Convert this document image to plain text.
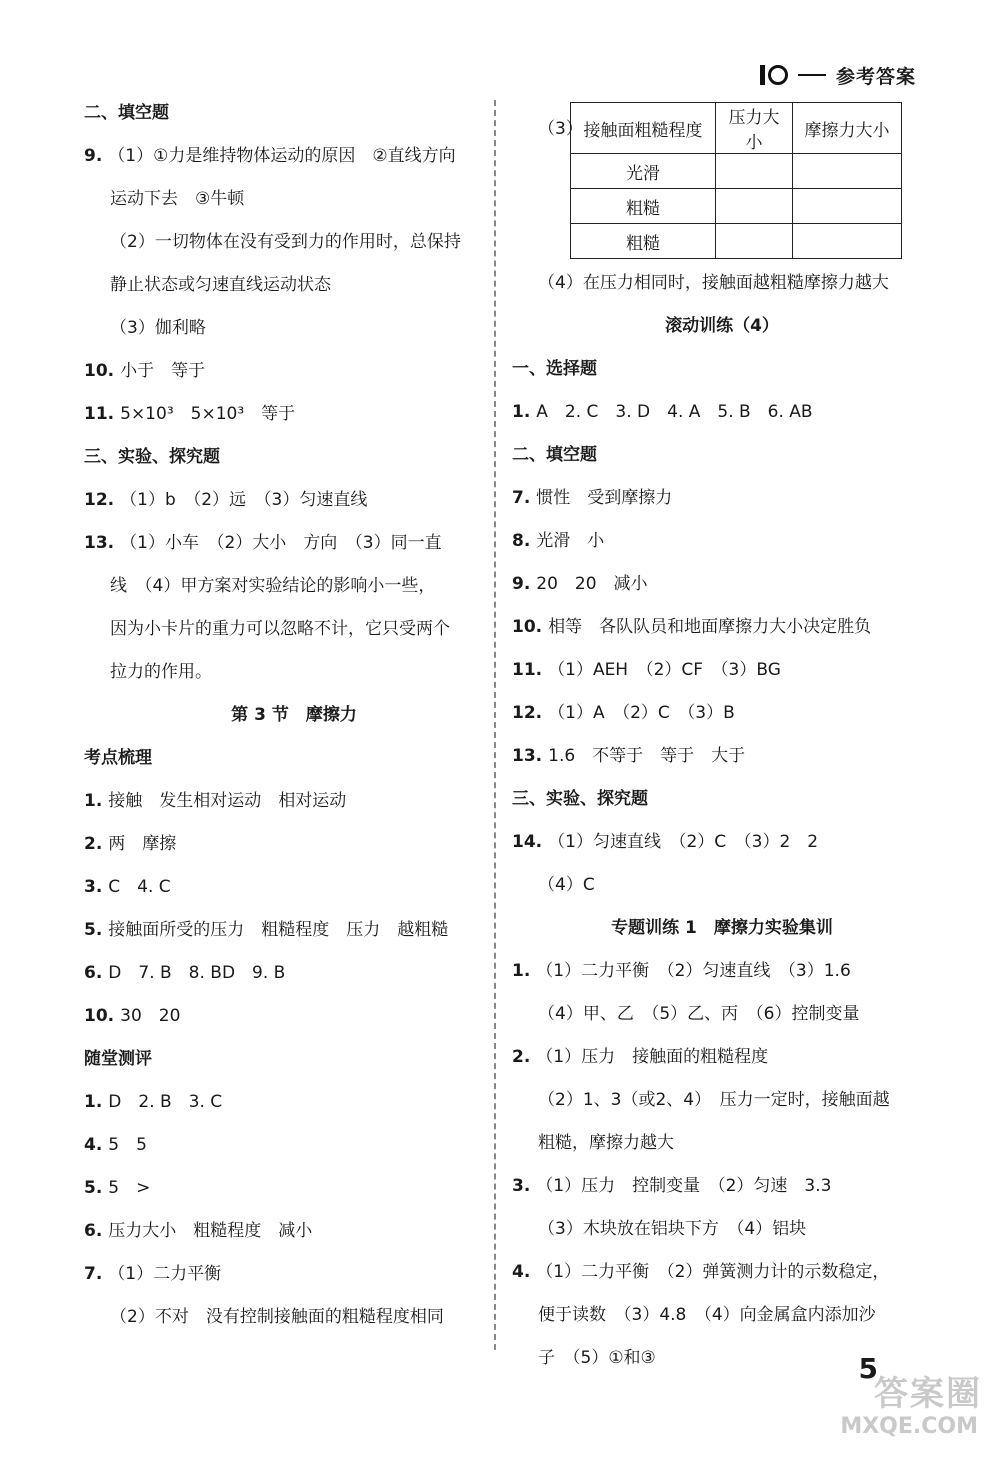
参考答案
二、填空题
9. （1）①力是维持物体运动的原因　②直线方向
运动下去　③牛顿
（2）一切物体在没有受到力的作用时，总保持
静止状态或匀速直线运动状态
（3）伽利略
10. 小于　等于
11. 5×10³　5×10³　等于
三、实验、探究题
12. （1）b　（2）远　（3）匀速直线
13. （1）小车　（2）大小　方向　（3）同一直
线　（4）甲方案对实验结论的影响小一些，
因为小卡片的重力可以忽略不计，它只受两个
拉力的作用。
第 3 节　摩擦力
考点梳理
1. 接触　发生相对运动　相对运动
2. 两　摩擦
3. C　4. C
5. 接触面所受的压力　粗糙程度　压力　越粗糙
6. D　7. B　8. BD　9. B
10. 30　20
随堂测评
1. D　2. B　3. C
4. 5　5
5. 5　>
6. 压力大小　粗糙程度　减小
7. （1）二力平衡
（2）不对　没有控制接触面的粗糙程度相同
（3） 接触面粗糙程度	压力大小	摩擦力大小
光滑		
粗糙		
粗糙		
（4）在压力相同时，接触面越粗糙摩擦力越大
滚动训练（4）
一、选择题
1. A　2. C　3. D　4. A　5. B　6. AB
二、填空题
7. 惯性　受到摩擦力
8. 光滑　小
9. 20　20　减小
10. 相等　各队队员和地面摩擦力大小决定胜负
11. （1）AEH　（2）CF　（3）BG
12. （1）A　（2）C　（3）B
13. 1.6　不等于　等于　大于
三、实验、探究题
14. （1）匀速直线　（2）C　（3）2　2
（4）C
专题训练 1　摩擦力实验集训
1. （1）二力平衡　（2）匀速直线　（3）1.6
（4）甲、乙　（5）乙、丙　（6）控制变量
2. （1）压力　接触面的粗糙程度
（2）1、3（或2、4）　压力一定时，接触面越
粗糙，摩擦力越大
3. （1）压力　控制变量　（2）匀速　3.3
（3）木块放在铝块下方　（4）铝块
4. （1）二力平衡　（2）弹簧测力计的示数稳定，
便于读数　（3）4.8　（4）向金属盒内添加沙
子　（5）①和③	5
答案圈
MXQE.COM
